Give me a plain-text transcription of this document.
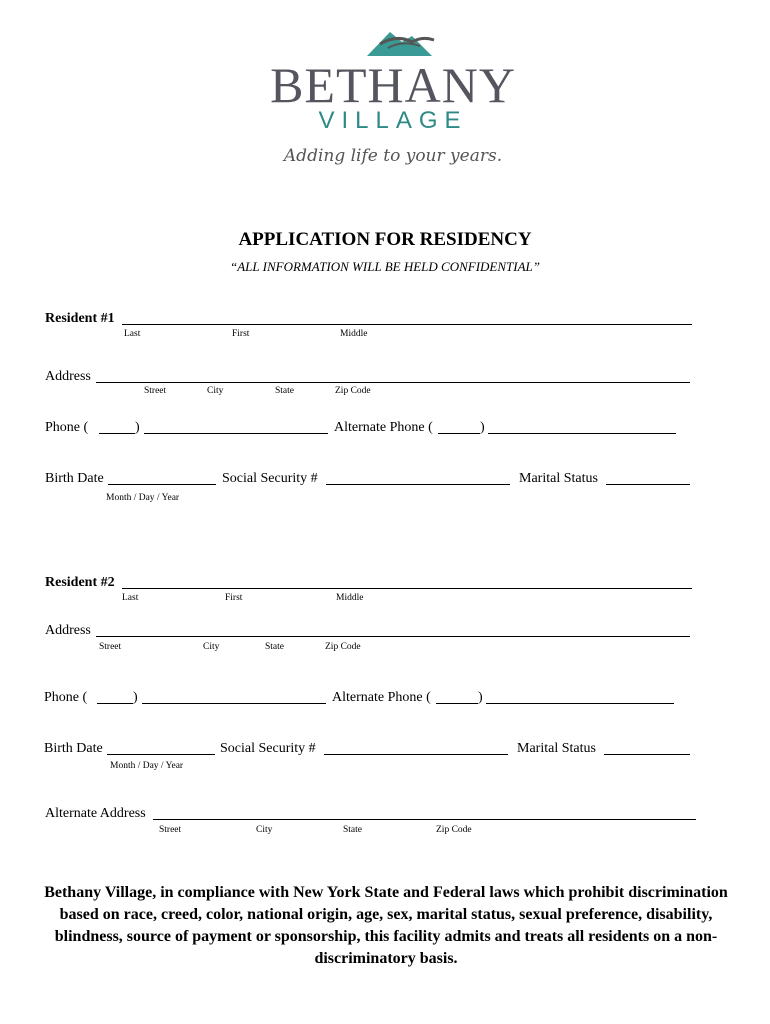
BETHANY
VILLAGE
Adding life to your years.
APPLICATION FOR RESIDENCY
“ALL INFORMATION WILL BE HELD CONFIDENTIAL”
Resident #1
Last	First	Middle
Address
Street	City	State	Zip Code
Phone (	)	Alternate Phone (	)
Birth Date	Social Security #	Marital Status
Month / Day / Year
Resident #2
Last	First	Middle
Address
Street	City	State	Zip Code
Phone (	)	Alternate Phone (	)
Birth Date	Social Security #	Marital Status
Month / Day / Year
Alternate Address
Street	City	State	Zip Code
Bethany Village, in compliance with New York State and Federal laws which prohibit discrimination based on race, creed, color, national origin, age, sex, marital status, sexual preference, disability, blindness, source of payment or sponsorship, this facility admits and treats all residents on a non-discriminatory basis.
